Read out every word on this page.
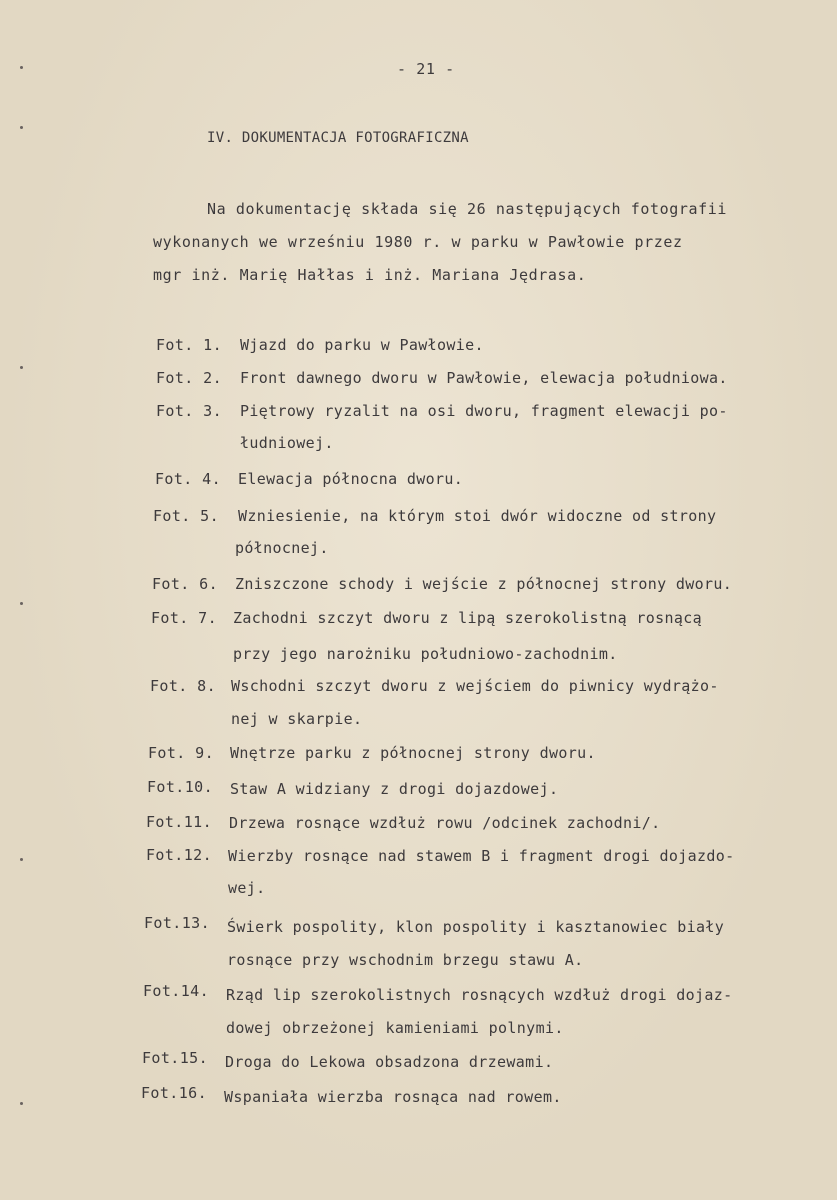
- 21 -
IV. DOKUMENTACJA FOTOGRAFICZNA
Na dokumentację składa się 26 następujących fotografii
wykonanych we wrześniu 1980 r. w parku w Pawłowie przez
mgr inż. Marię Hałłas i inż. Mariana Jędrasa.
Fot. 1. Wjazd do parku w Pawłowie.
Fot. 2. Front dawnego dworu w Pawłowie, elewacja południowa.
Fot. 3. Piętrowy ryzalit na osi dworu, fragment elewacji po-
łudniowej.
Fot. 4. Elewacja północna dworu.
Fot. 5. Wzniesienie, na którym stoi dwór widoczne od strony
północnej.
Fot. 6. Zniszczone schody i wejście z północnej strony dworu.
Fot. 7. Zachodni szczyt dworu z lipą szerokolistną rosnącą
przy jego narożniku południowo-zachodnim.
Fot. 8. Wschodni szczyt dworu z wejściem do piwnicy wydrążo-
nej w skarpie.
Fot. 9. Wnętrze parku z północnej strony dworu.
Fot.10. Staw A widziany z drogi dojazdowej.
Fot.11. Drzewa rosnące wzdłuż rowu /odcinek zachodni/.
Fot.12. Wierzby rosnące nad stawem B i fragment drogi dojazdo-
wej.
Fot.13. Świerk pospolity, klon pospolity i kasztanowiec biały
rosnące przy wschodnim brzegu stawu A.
Fot.14. Rząd lip szerokolistnych rosnących wzdłuż drogi dojaz-
dowej obrzeżonej kamieniami polnymi.
Fot.15. Droga do Lekowa obsadzona drzewami.
Fot.16. Wspaniała wierzba rosnąca nad rowem.
